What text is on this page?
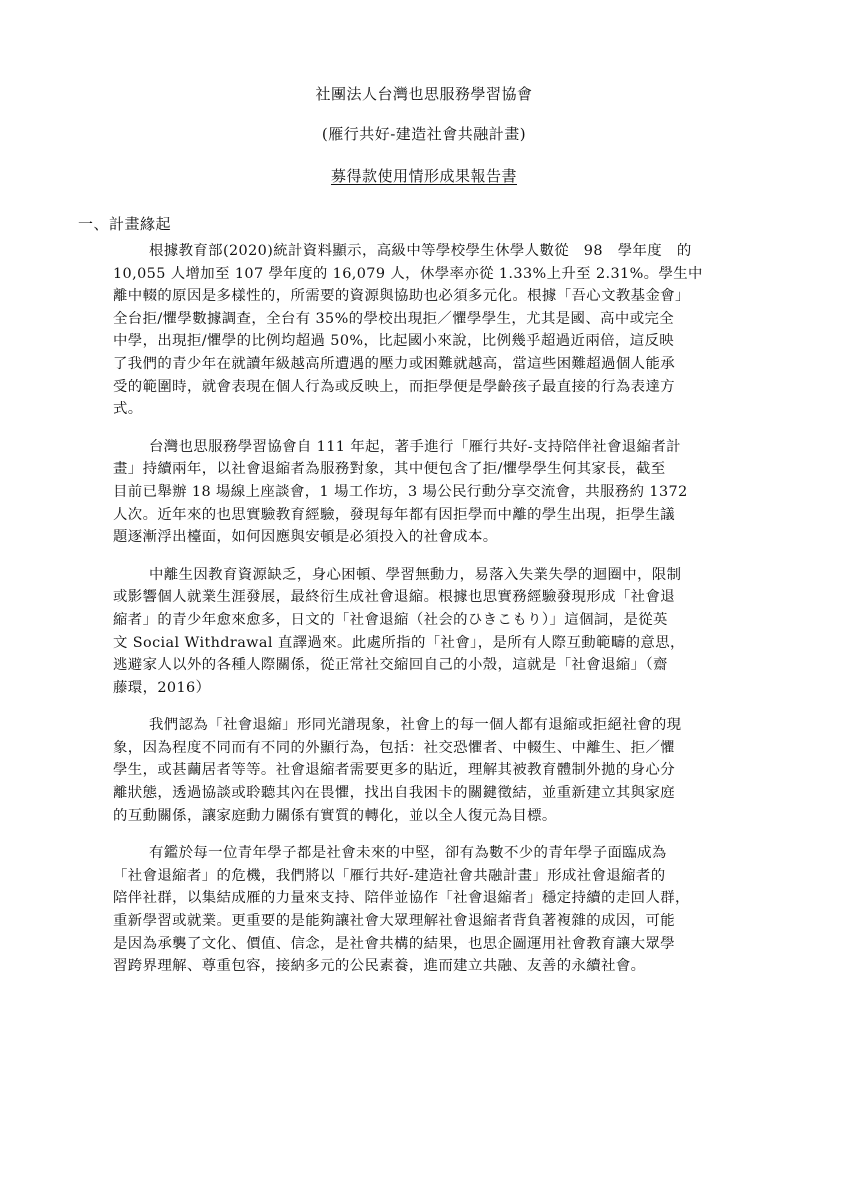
社團法人台灣也思服務學習協會
(雁行共好-建造社會共融計畫)
募得款使用情形成果報告書
一、計畫緣起

根據教育部(2020)統計資料顯示，高級中等學校學生休學人數從　98　學年度　的
10,055 人增加至 107 學年度的 16,079 人，休學率亦從 1.33%上升至 2.31%。學生中
離中輟的原因是多樣性的，所需要的資源與協助也必須多元化。根據「吾心文教基金會」
全台拒/懼學數據調查，全台有 35%的學校出現拒／懼學學生，尤其是國、高中或完全
中學，出現拒/懼學的比例均超過 50%，比起國小來說，比例幾乎超過近兩倍，這反映
了我們的青少年在就讀年級越高所遭遇的壓力或困難就越高，當這些困難超過個人能承
受的範圍時，就會表現在個人行為或反映上，而拒學便是學齡孩子最直接的行為表達方
式。

台灣也思服務學習協會自 111 年起，著手進行「雁行共好-支持陪伴社會退縮者計
畫」持續兩年，以社會退縮者為服務對象，其中便包含了拒/懼學學生何其家長，截至
目前已舉辦 18 場線上座談會，1 場工作坊，3 場公民行動分享交流會，共服務約 1372
人次。近年來的也思實驗教育經驗，發現每年都有因拒學而中離的學生出現，拒學生議
題逐漸浮出檯面，如何因應與安頓是必須投入的社會成本。

中離生因教育資源缺乏，身心困頓、學習無動力，易落入失業失學的迴圈中，限制
或影響個人就業生涯發展，最終衍生成社會退縮。根據也思實務經驗發現形成「社會退
縮者」的青少年愈來愈多，日文的「社會退縮（社会的ひきこもり）」這個詞，是從英
文 Social Withdrawal 直譯過來。此處所指的「社會」，是所有人際互動範疇的意思，
逃避家人以外的各種人際關係，從正常社交縮回自己的小殼，這就是「社會退縮」（齋
藤環，2016）

我們認為「社會退縮」形同光譜現象，社會上的每一個人都有退縮或拒絕社會的現
象，因為程度不同而有不同的外顯行為，包括：社交恐懼者、中輟生、中離生、拒／懼
學生，或甚繭居者等等。社會退縮者需要更多的貼近，理解其被教育體制外拋的身心分
離狀態，透過協談或聆聽其內在畏懼，找出自我困卡的關鍵徵結，並重新建立其與家庭
的互動關係，讓家庭動力關係有實質的轉化，並以全人復元為目標。

有鑑於每一位青年學子都是社會未來的中堅，卻有為數不少的青年學子面臨成為
「社會退縮者」的危機，我們將以「雁行共好-建造社會共融計畫」形成社會退縮者的
陪伴社群，以集結成雁的力量來支持、陪伴並協作「社會退縮者」穩定持續的走回人群，
重新學習或就業。更重要的是能夠讓社會大眾理解社會退縮者背負著複雜的成因，可能
是因為承襲了文化、價值、信念，是社會共構的結果，也思企圖運用社會教育讓大眾學
習跨界理解、尊重包容，接納多元的公民素養，進而建立共融、友善的永續社會。
